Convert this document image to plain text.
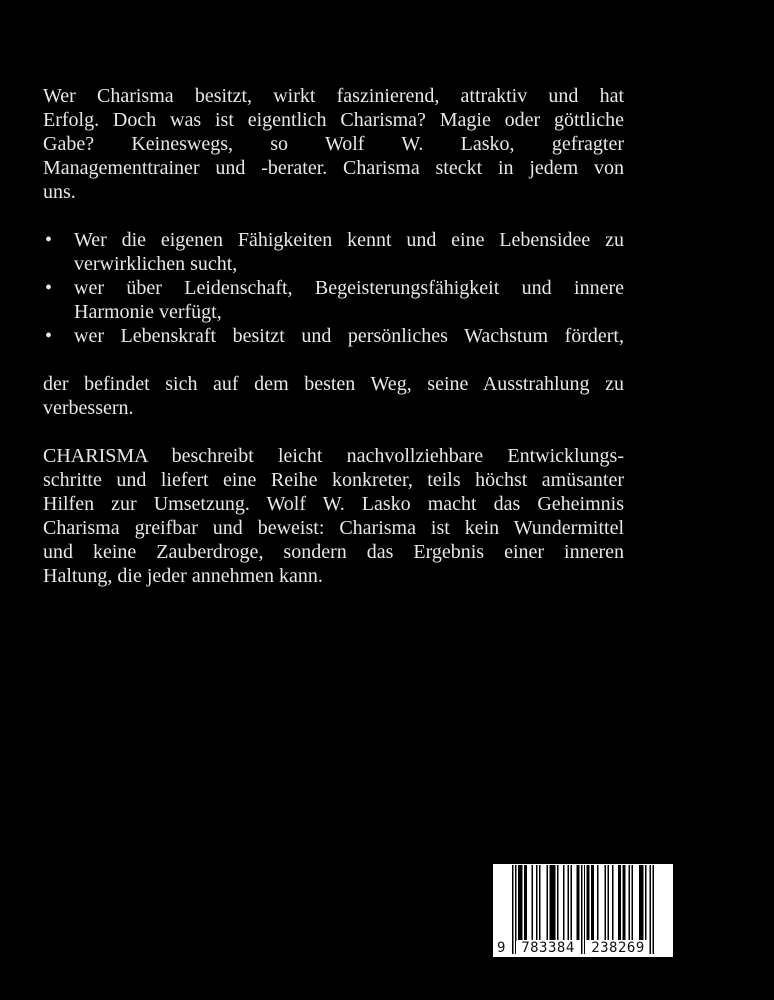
Wer Charisma besitzt, wirkt faszinierend, attraktiv und hat
Erfolg. Doch was ist eigentlich Charisma? Magie oder göttliche
Gabe? Keineswegs, so Wolf W. Lasko, gefragter
Managementtrainer und -berater. Charisma steckt in jedem von
uns.
• Wer die eigenen Fähigkeiten kennt und eine Lebensidee zu
verwirklichen sucht,
• wer über Leidenschaft, Begeisterungsfähigkeit und innere
Harmonie verfügt,
• wer Lebenskraft besitzt und persönliches Wachstum fördert,
der befindet sich auf dem besten Weg, seine Ausstrahlung zu
verbessern.
CHARISMA beschreibt leicht nachvollziehbare Entwicklungs-
schritte und liefert eine Reihe konkreter, teils höchst amüsanter
Hilfen zur Umsetzung. Wolf W. Lasko macht das Geheimnis
Charisma greifbar und beweist: Charisma ist kein Wundermittel
und keine Zauberdroge, sondern das Ergebnis einer inneren
Haltung, die jeder annehmen kann.
9	783384	238269
